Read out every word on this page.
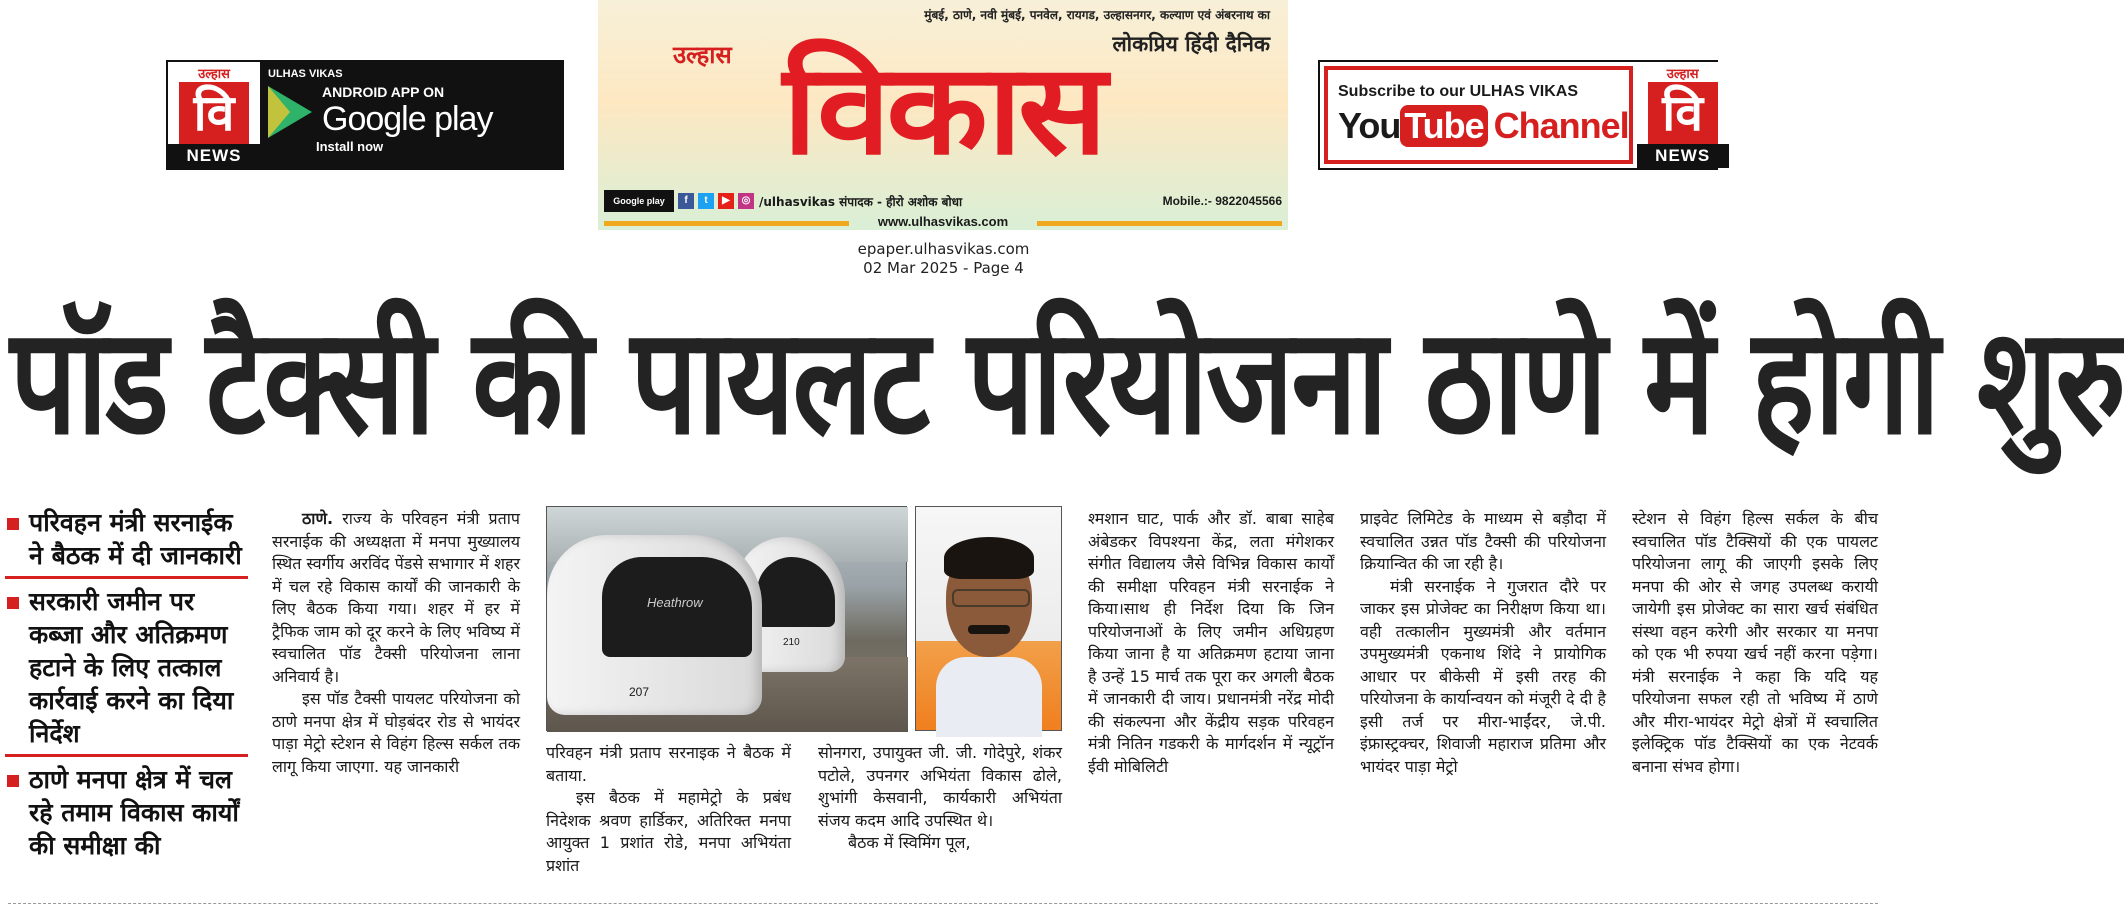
उल्हास
वि
NEWS
ULHAS VIKAS
ANDROID APP ON
Google play
Install now
मुंबई, ठाणे, नवी मुंबई, पनवेल, रायगड, उल्हासनगर, कल्याण एवं अंबरनाथ का
लोकप्रिय हिंदी दैनिक
विकास
उल्हास
Google play	f	t	▶	◎ /ulhasvikas संपादक - हीरो अशोक बोधा	Mobile.:- 9822045566
www.ulhasvikas.com
epaper.ulhasvikas.com
02 Mar 2025 - Page 4
Subscribe to our ULHAS VIKAS
You Tube Channel
उल्हास
वि
NEWS
पॉड टैक्सी की पायलट परियोजना ठाणे में होगी शुरु
परिवहन मंत्री सरनाईक ने बैठक में दी जानकारी
सरकारी जमीन पर कब्जा और अतिक्रमण हटाने के लिए तत्काल कार्रवाई करने का दिया निर्देश
ठाणे मनपा क्षेत्र में चल रहे तमाम विकास कार्यों की समीक्षा की

ठाणे. राज्य के परिवहन मंत्री प्रताप सरनाईक की अध्यक्षता में मनपा मुख्यालय स्थित स्वर्गीय अरविंद पेंडसे सभागार में शहर में चल रहे विकास कार्यों की जानकारी के लिए बैठक किया गया। शहर में हर में ट्रैफिक जाम को दूर करने के लिए भविष्य में स्वचालित पॉड टैक्सी परियोजना लाना अनिवार्य है।

इस पॉड टैक्सी पायलट परियोजना को ठाणे मनपा क्षेत्र में घोड़बंदर रोड से भायंदर पाड़ा मेट्रो स्टेशन से विहंग हिल्स सर्कल तक लागू किया जाएगा. यह जानकारी

210
Heathrow
207

परिवहन मंत्री प्रताप सरनाइक ने बैठक में बताया.

इस बैठक में महामेट्रो के प्रबंध निदेशक श्रवण हार्डिकर, अतिरिक्त मनपा आयुक्त 1 प्रशांत रोडे, मनपा अभियंता प्रशांत

सोनगरा, उपायुक्त जी. जी. गोदेपुरे, शंकर पटोले, उपनगर अभियंता विकास ढोले, शुभांगी केसवानी, कार्यकारी अभियंता संजय कदम आदि उपस्थित थे।

बैठक में स्विमिंग पूल,

श्मशान घाट, पार्क और डॉ. बाबा साहेब अंबेडकर विपश्यना केंद्र, लता मंगेशकर संगीत विद्यालय जैसे विभिन्न विकास कार्यों की समीक्षा परिवहन मंत्री सरनाईक ने किया।साथ ही निर्देश दिया कि जिन परियोजनाओं के लिए जमीन अधिग्रहण किया जाना है या अतिक्रमण हटाया जाना है उन्हें 15 मार्च तक पूरा कर अगली बैठक में जानकारी दी जाय। प्रधानमंत्री नरेंद्र मोदी की संकल्पना और केंद्रीय सड़क परिवहन मंत्री नितिन गडकरी के मार्गदर्शन में न्यूट्रॉन ईवी मोबिलिटी

प्राइवेट लिमिटेड के माध्यम से बड़ौदा में स्वचालित उन्नत पॉड टैक्सी की परियोजना क्रियान्वित की जा रही है।

मंत्री सरनाईक ने गुजरात दौरे पर जाकर इस प्रोजेक्ट का निरीक्षण किया था।वही तत्कालीन मुख्यमंत्री और वर्तमान उपमुख्यमंत्री एकनाथ शिंदे ने प्रायोगिक आधार पर बीकेसी में इसी तरह की परियोजना के कार्यान्वयन को मंजूरी दे दी है इसी तर्ज पर मीरा-भाईंदर, जे.पी. इंफ्रास्ट्रक्चर, शिवाजी महाराज प्रतिमा और भायंदर पाड़ा मेट्रो

स्टेशन से विहंग हिल्स सर्कल के बीच स्वचालित पॉड टैक्सियों की एक पायलट परियोजना लागू की जाएगी इसके लिए मनपा की ओर से जगह उपलब्ध करायी जायेगी इस प्रोजेक्ट का सारा खर्च संबंधित संस्था वहन करेगी और सरकार या मनपा को एक भी रुपया खर्च नहीं करना पड़ेगा।मंत्री सरनाईक ने कहा कि यदि यह परियोजना सफल रही तो भविष्य में ठाणे और मीरा-भायंदर मेट्रो क्षेत्रों में स्वचालित इलेक्ट्रिक पॉड टैक्सियों का एक नेटवर्क बनाना संभव होगा।
